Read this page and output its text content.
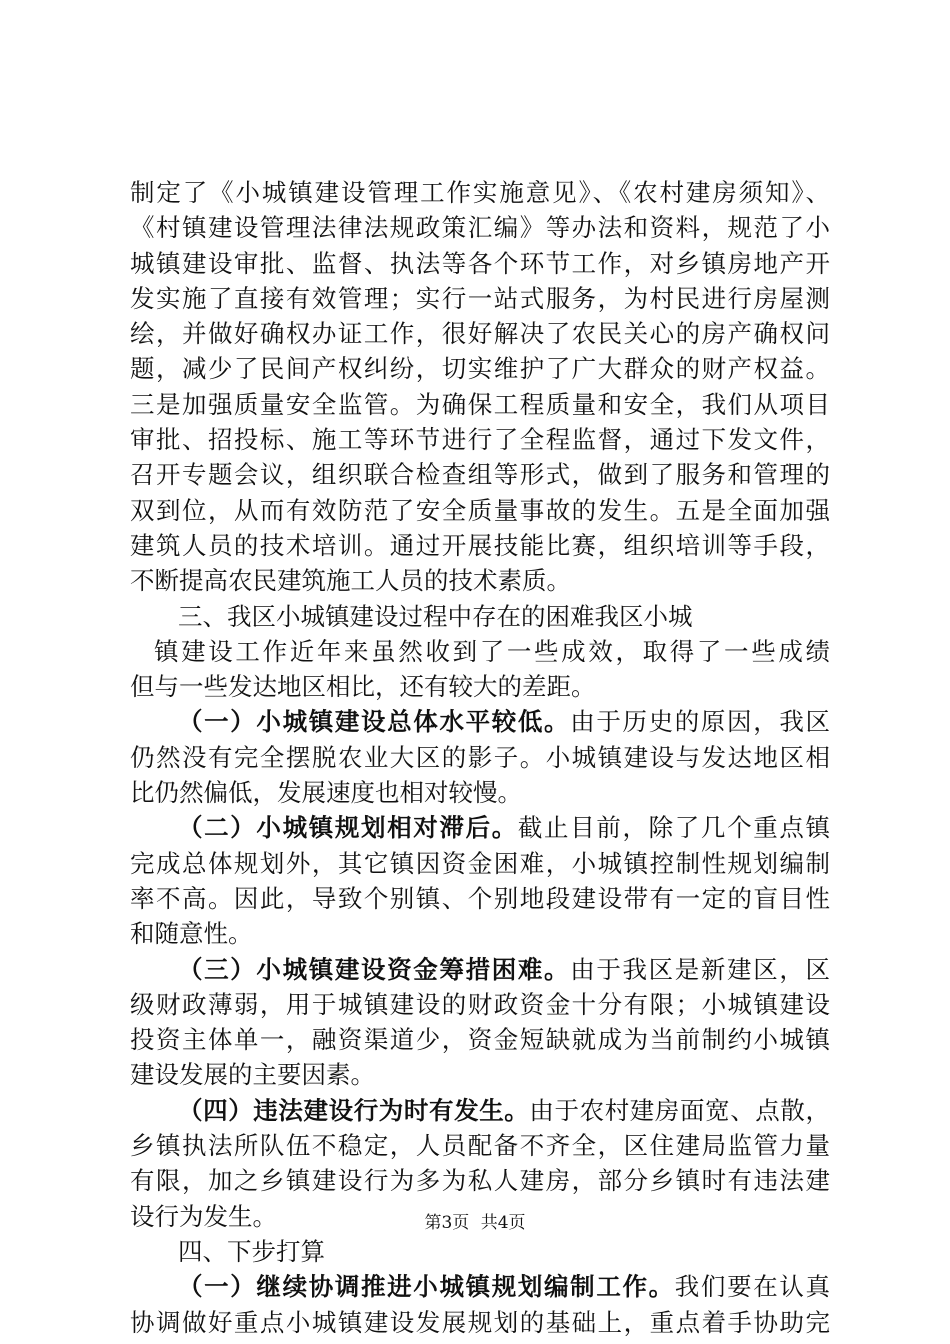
制定了《小城镇建设管理工作实施意见》、《农村建房须知》、
《村镇建设管理法律法规政策汇编》等办法和资料，规范了小
城镇建设审批、监督、执法等各个环节工作，对乡镇房地产开
发实施了直接有效管理；实行一站式服务，为村民进行房屋测
绘，并做好确权办证工作，很好解决了农民关心的房产确权问
题，减少了民间产权纠纷，切实维护了广大群众的财产权益。
三是加强质量安全监管。为确保工程质量和安全，我们从项目
审批、招投标、施工等环节进行了全程监督，通过下发文件，
召开专题会议，组织联合检查组等形式，做到了服务和管理的
双到位，从而有效防范了安全质量事故的发生。五是全面加强
建筑人员的技术培训。通过开展技能比赛，组织培训等手段，
不断提高农民建筑施工人员的技术素质。
三、我区小城镇建设过程中存在的困难我区小城
镇建设工作近年来虽然收到了一些成效，取得了一些成绩
但与一些发达地区相比，还有较大的差距。
（一）小城镇建设总体水平较低。由于历史的原因，我区
仍然没有完全摆脱农业大区的影子。小城镇建设与发达地区相
比仍然偏低，发展速度也相对较慢。
（二）小城镇规划相对滞后。截止目前，除了几个重点镇
完成总体规划外，其它镇因资金困难，小城镇控制性规划编制
率不高。因此，导致个别镇、个别地段建设带有一定的盲目性
和随意性。
（三）小城镇建设资金筹措困难。由于我区是新建区，区
级财政薄弱，用于城镇建设的财政资金十分有限；小城镇建设
投资主体单一，融资渠道少，资金短缺就成为当前制约小城镇
建设发展的主要因素。
（四）违法建设行为时有发生。由于农村建房面宽、点散，
乡镇执法所队伍不稳定，人员配备不齐全，区住建局监管力量
有限，加之乡镇建设行为多为私人建房，部分乡镇时有违法建
设行为发生。
四、下步打算
（一）继续协调推进小城镇规划编制工作。我们要在认真
协调做好重点小城镇建设发展规划的基础上，重点着手协助完
第3页 共4页
